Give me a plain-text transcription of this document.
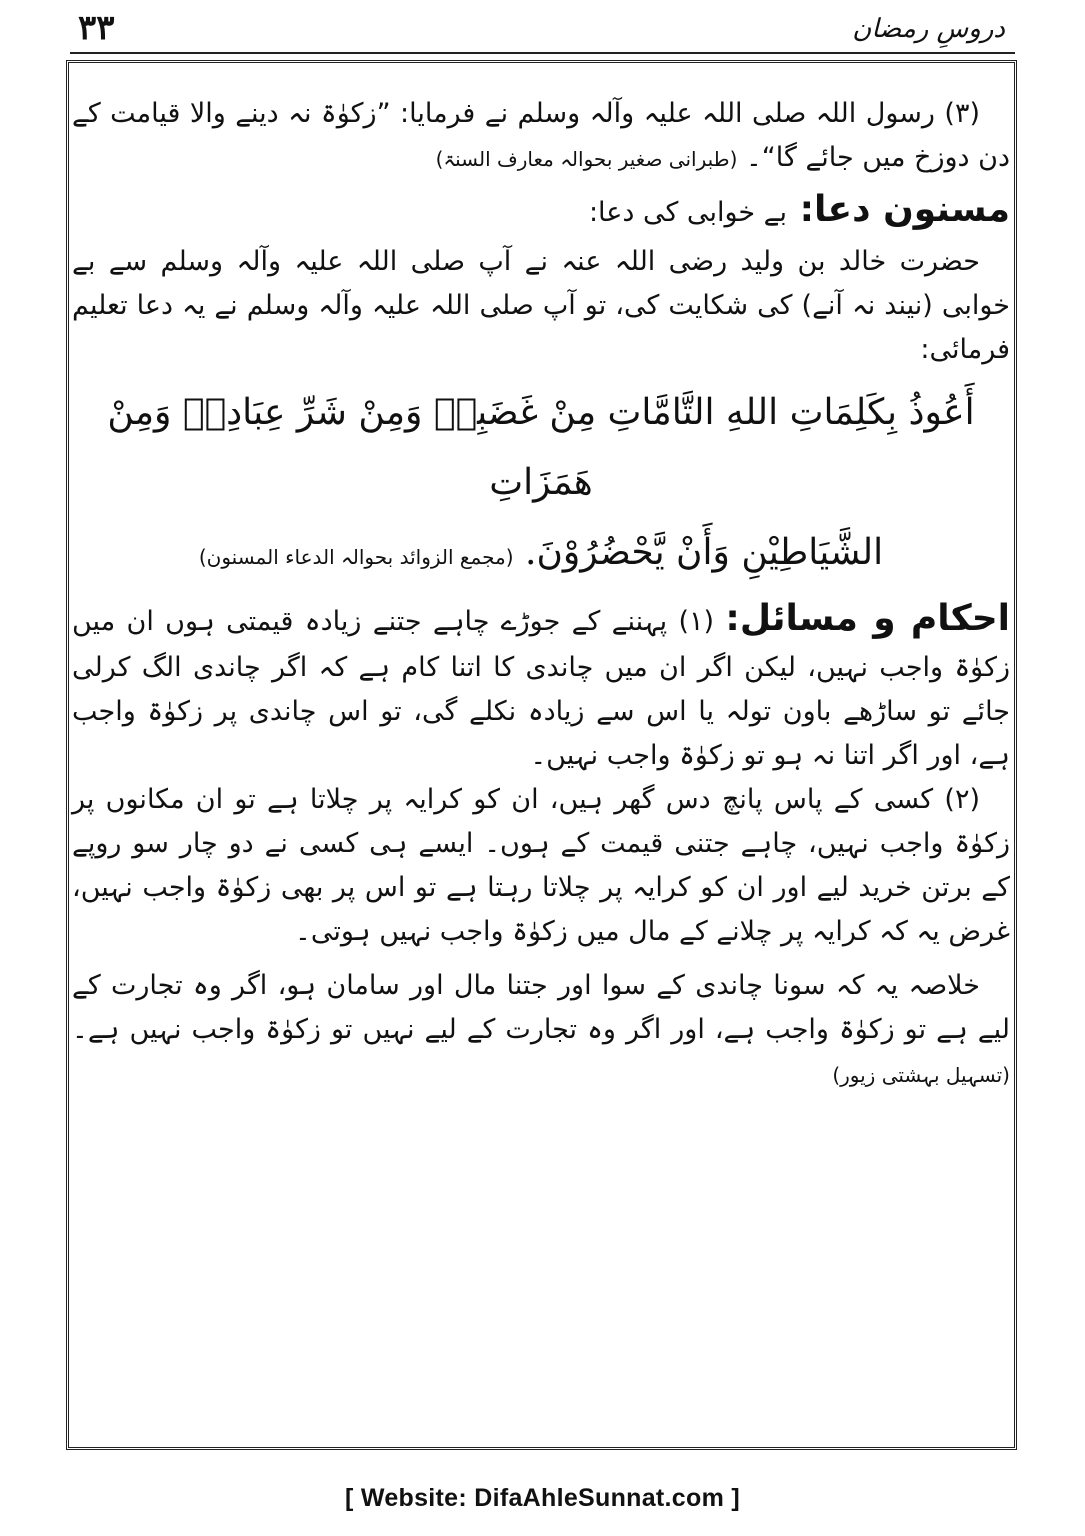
۳۳	دروسِ رمضان

(۳) رسول اللہ صلی اللہ علیہ وآلہ وسلم نے فرمایا: ”زکوٰۃ نہ دینے والا قیامت کے دن دوزخ میں جائے گا“۔ (طبرانی صغیر بحوالہ معارف السنۃ)

مسنون دعا: بے خوابی کی دعا:

حضرت خالد بن ولید رضی اللہ عنہ نے آپ صلی اللہ علیہ وآلہ وسلم سے بے خوابی (نیند نہ آنے) کی شکایت کی، تو آپ صلی اللہ علیہ وآلہ وسلم نے یہ دعا تعلیم فرمائی:

أَعُوذُ بِكَلِمَاتِ اللهِ التَّامَّاتِ مِنْ غَضَبِهٖ وَمِنْ شَرِّ عِبَادِهٖ وَمِنْ هَمَزَاتِ
الشَّيَاطِيْنِ وَأَنْ يَّحْضُرُوْنَ. (مجمع الزوائد بحوالہ الدعاء المسنون)

احکام و مسائل: (۱) پہننے کے جوڑے چاہے جتنے زیادہ قیمتی ہوں ان میں زکوٰۃ واجب نہیں، لیکن اگر ان میں چاندی کا اتنا کام ہے کہ اگر چاندی الگ کرلی جائے تو ساڑھے باون تولہ یا اس سے زیادہ نکلے گی، تو اس چاندی پر زکوٰۃ واجب ہے، اور اگر اتنا نہ ہو تو زکوٰۃ واجب نہیں۔

(۲) کسی کے پاس پانچ دس گھر ہیں، ان کو کرایہ پر چلاتا ہے تو ان مکانوں پر زکوٰۃ واجب نہیں، چاہے جتنی قیمت کے ہوں۔ ایسے ہی کسی نے دو چار سو روپے کے برتن خرید لیے اور ان کو کرایہ پر چلاتا رہتا ہے تو اس پر بھی زکوٰۃ واجب نہیں، غرض یہ کہ کرایہ پر چلانے کے مال میں زکوٰۃ واجب نہیں ہوتی۔

خلاصہ یہ کہ سونا چاندی کے سوا اور جتنا مال اور سامان ہو، اگر وہ تجارت کے لیے ہے تو زکوٰۃ واجب ہے، اور اگر وہ تجارت کے لیے نہیں تو زکوٰۃ واجب نہیں ہے۔ (تسہیل بہشتی زیور)

[ Website: DifaAhleSunnat.com ]
